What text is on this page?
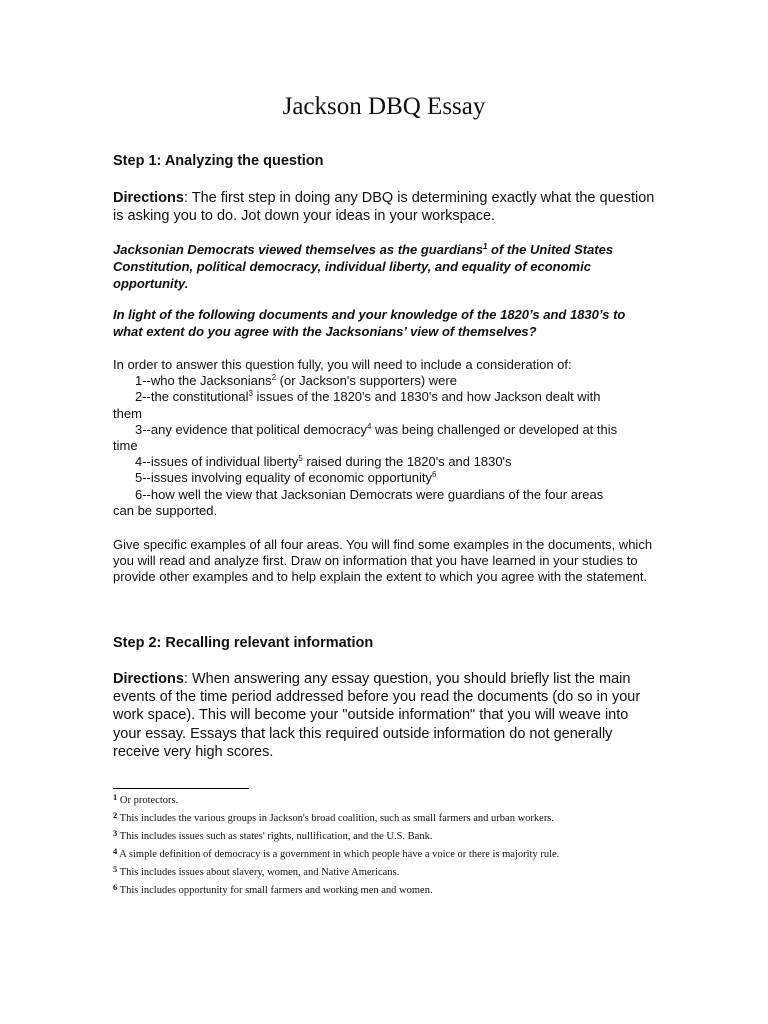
Jackson DBQ Essay

Step 1: Analyzing the question

Directions: The first step in doing any DBQ is determining exactly what the question is asking you to do. Jot down your ideas in your workspace.

Jacksonian Democrats viewed themselves as the guardians$^1$ of the United States Constitution, political democracy, individual liberty, and equality of economic opportunity.

In light of the following documents and your knowledge of the 1820’s and 1830’s to what extent do you agree with the Jacksonians’ view of themselves?

In order to answer this question fully, you will need to include a consideration of:
1--who the Jacksonians$^2$ (or Jackson's supporters) were
2--the constitutional$^3$ issues of the 1820's and 1830's and how Jackson dealt with
them
3--any evidence that political democracy$^4$ was being challenged or developed at this
time
4--issues of individual liberty$^5$ raised during the 1820's and 1830's
5--issues involving equality of economic opportunity$^6$
6--how well the view that Jacksonian Democrats were guardians of the four areas
can be supported.

Give specific examples of all four areas. You will find some examples in the documents, which you will read and analyze first. Draw on information that you have learned in your studies to provide other examples and to help explain the extent to which you agree with the statement.

Step 2: Recalling relevant information

Directions: When answering any essay question, you should briefly list the main events of the time period addressed before you read the documents (do so in your work space). This will become your "outside information" that you will weave into your essay. Essays that lack this required outside information do not generally receive very high scores.

$^1$ Or protectors.

$^2$ This includes the various groups in Jackson's broad coalition, such as small farmers and urban workers.

$^3$ This includes issues such as states' rights, nullification, and the U.S. Bank.

$^4$ A simple definition of democracy is a government in which people have a voice or there is majority rule.

$^5$ This includes issues about slavery, women, and Native Americans.

$^6$ This includes opportunity for small farmers and working men and women.
